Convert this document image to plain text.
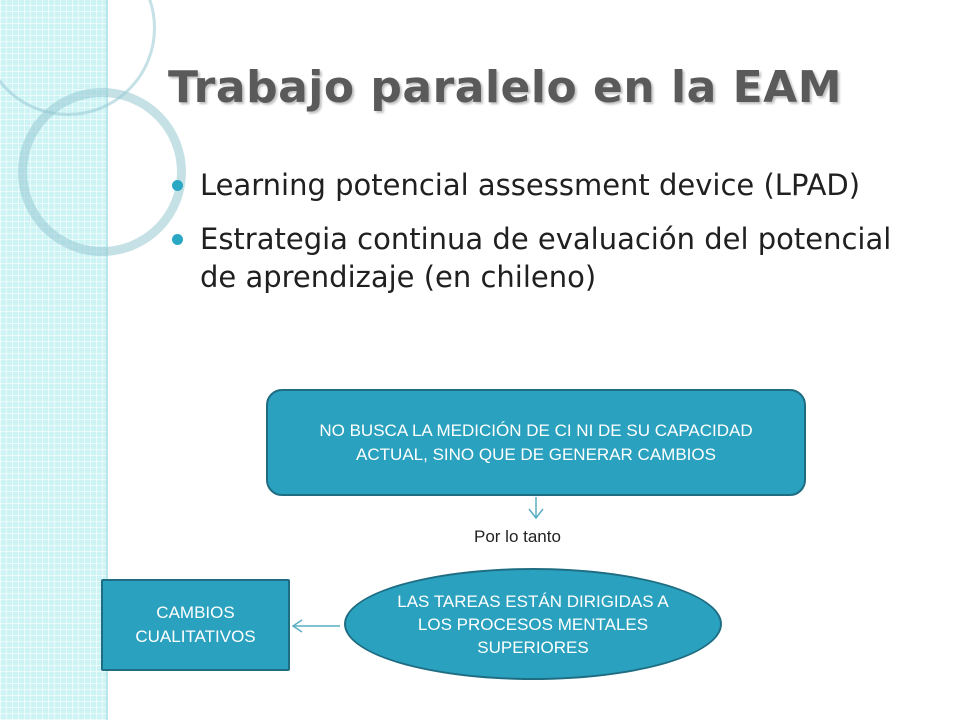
Trabajo paralelo en la EAM
Learning potencial assessment device (LPAD)
Estrategia continua de evaluación del potencial de aprendizaje (en chileno)
NO BUSCA LA MEDICIÓN DE CI NI DE SU CAPACIDAD ACTUAL, SINO QUE DE GENERAR CAMBIOS
Por lo tanto
LAS TAREAS ESTÁN DIRIGIDAS A LOS PROCESOS MENTALES SUPERIORES
CAMBIOS CUALITATIVOS
